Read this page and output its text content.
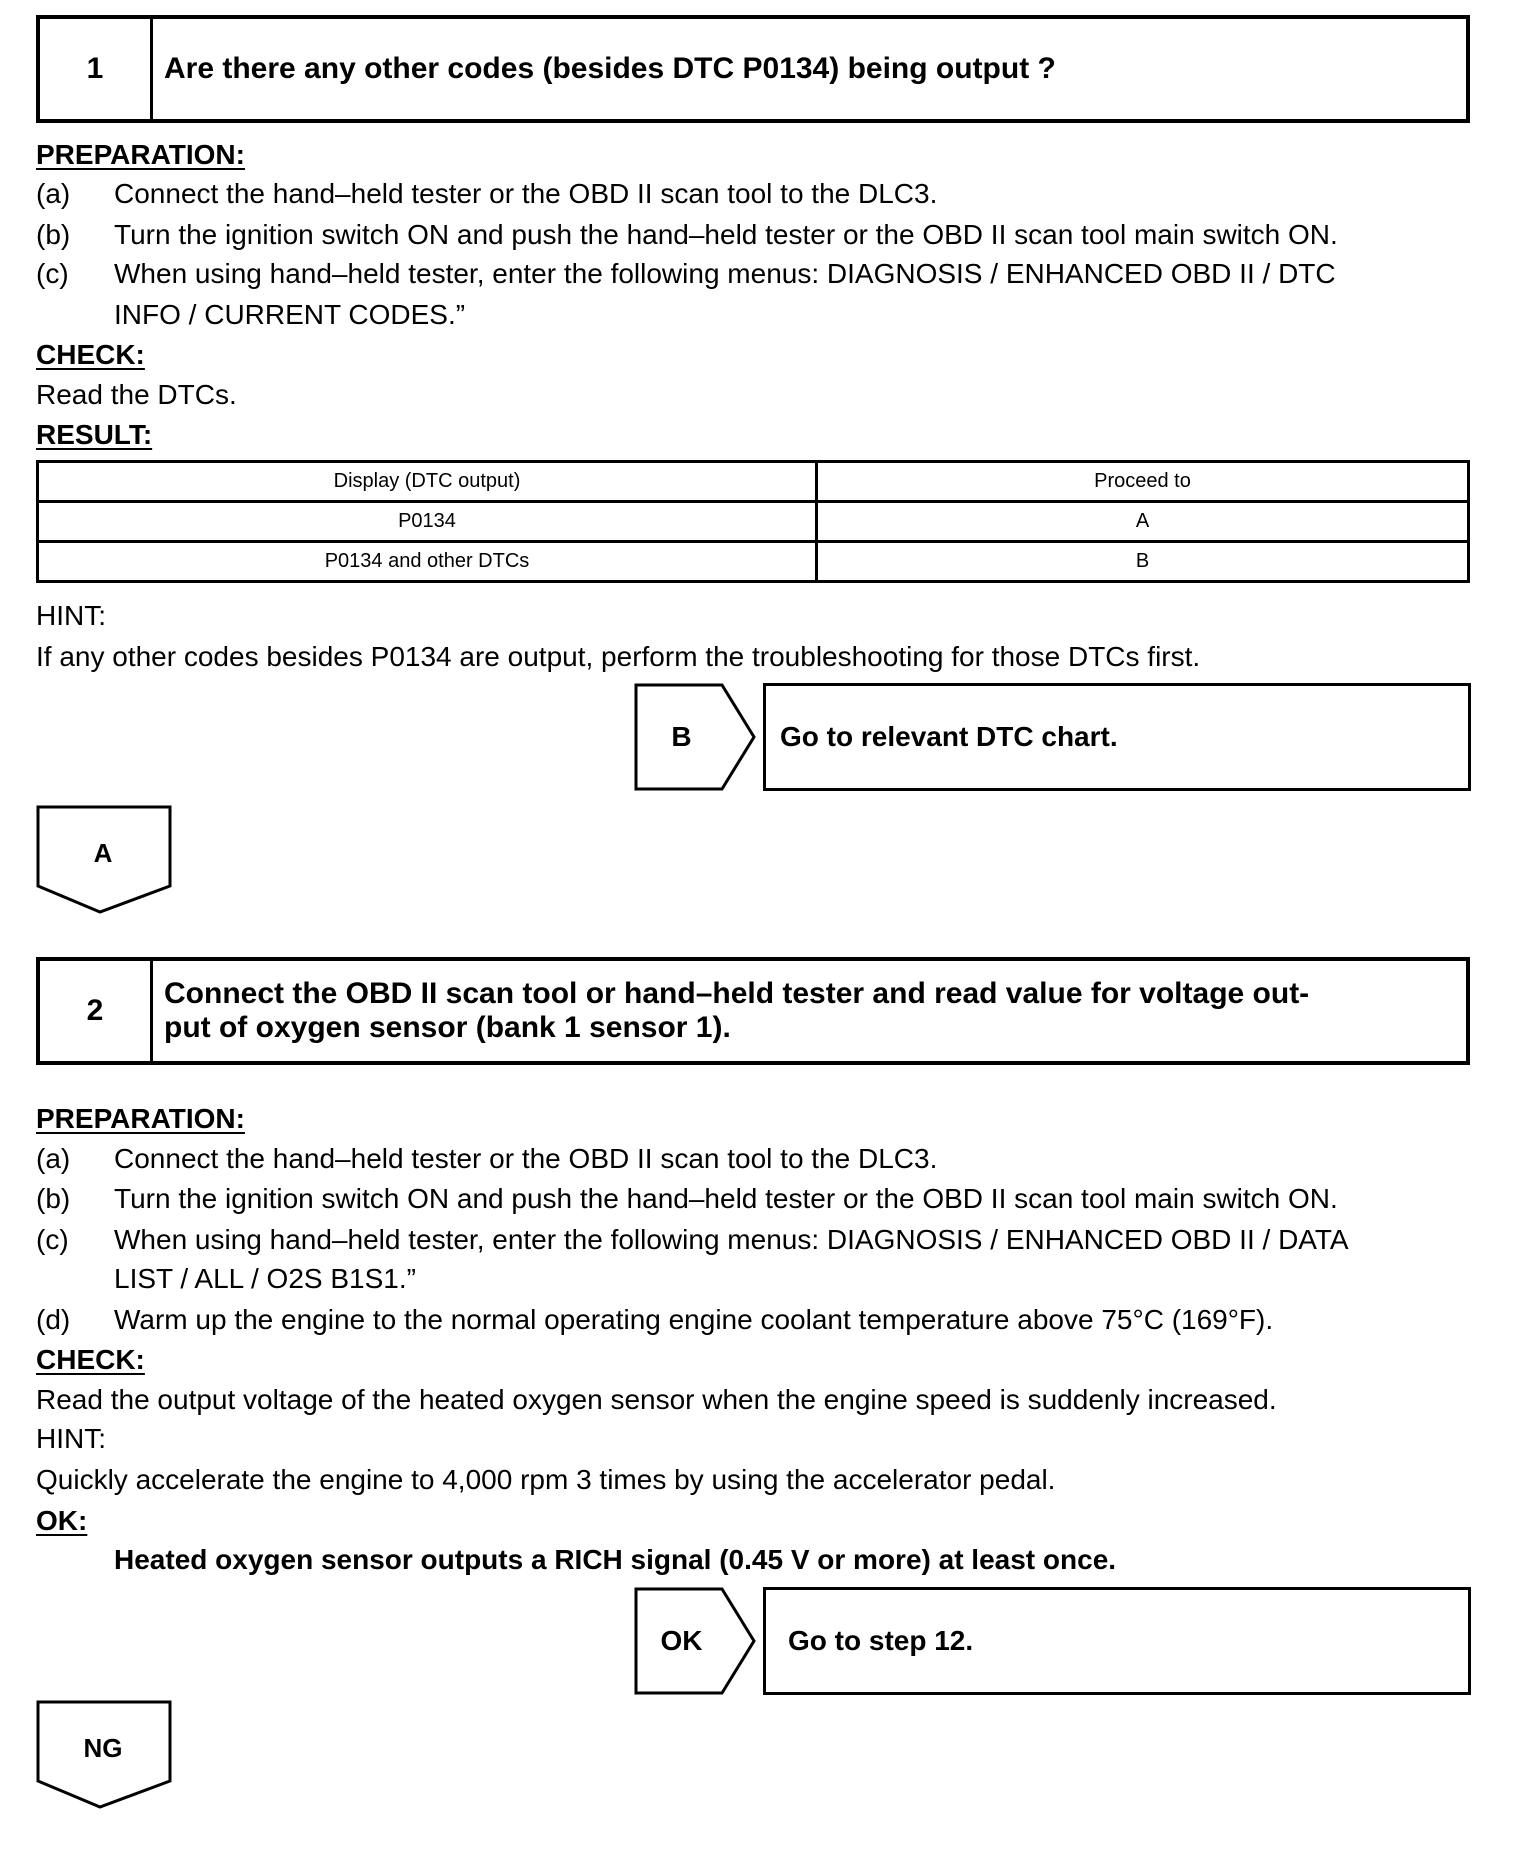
1	Are there any other codes (besides DTC P0134) being output ?
PREPARATION:
(a) Connect the hand–held tester or the OBD II scan tool to the DLC3.
(b) Turn the ignition switch ON and push the hand–held tester or the OBD II scan tool main switch ON.
(c) When using hand–held tester, enter the following menus: DIAGNOSIS / ENHANCED OBD II / DTC
INFO / CURRENT CODES.”
CHECK:
Read the DTCs.
RESULT:
Display (DTC output)	Proceed to
P0134	A
P0134 and other DTCs	B
HINT:
If any other codes besides P0134 are output, perform the troubleshooting for those DTCs first.
B	Go to relevant DTC chart.
A
2
Connect the OBD II scan tool or hand–held tester and read value for voltage out-
put of oxygen sensor (bank 1 sensor 1).
PREPARATION:
(a) Connect the hand–held tester or the OBD II scan tool to the DLC3.
(b) Turn the ignition switch ON and push the hand–held tester or the OBD II scan tool main switch ON.
(c) When using hand–held tester, enter the following menus: DIAGNOSIS / ENHANCED OBD II / DATA
LIST / ALL / O2S B1S1.”
(d) Warm up the engine to the normal operating engine coolant temperature above 75°C (169°F).
CHECK:
Read the output voltage of the heated oxygen sensor when the engine speed is suddenly increased.
HINT:
Quickly accelerate the engine to 4,000 rpm 3 times by using the accelerator pedal.
OK:
Heated oxygen sensor outputs a RICH signal (0.45 V or more) at least once.
OK	Go to step 12.
NG
